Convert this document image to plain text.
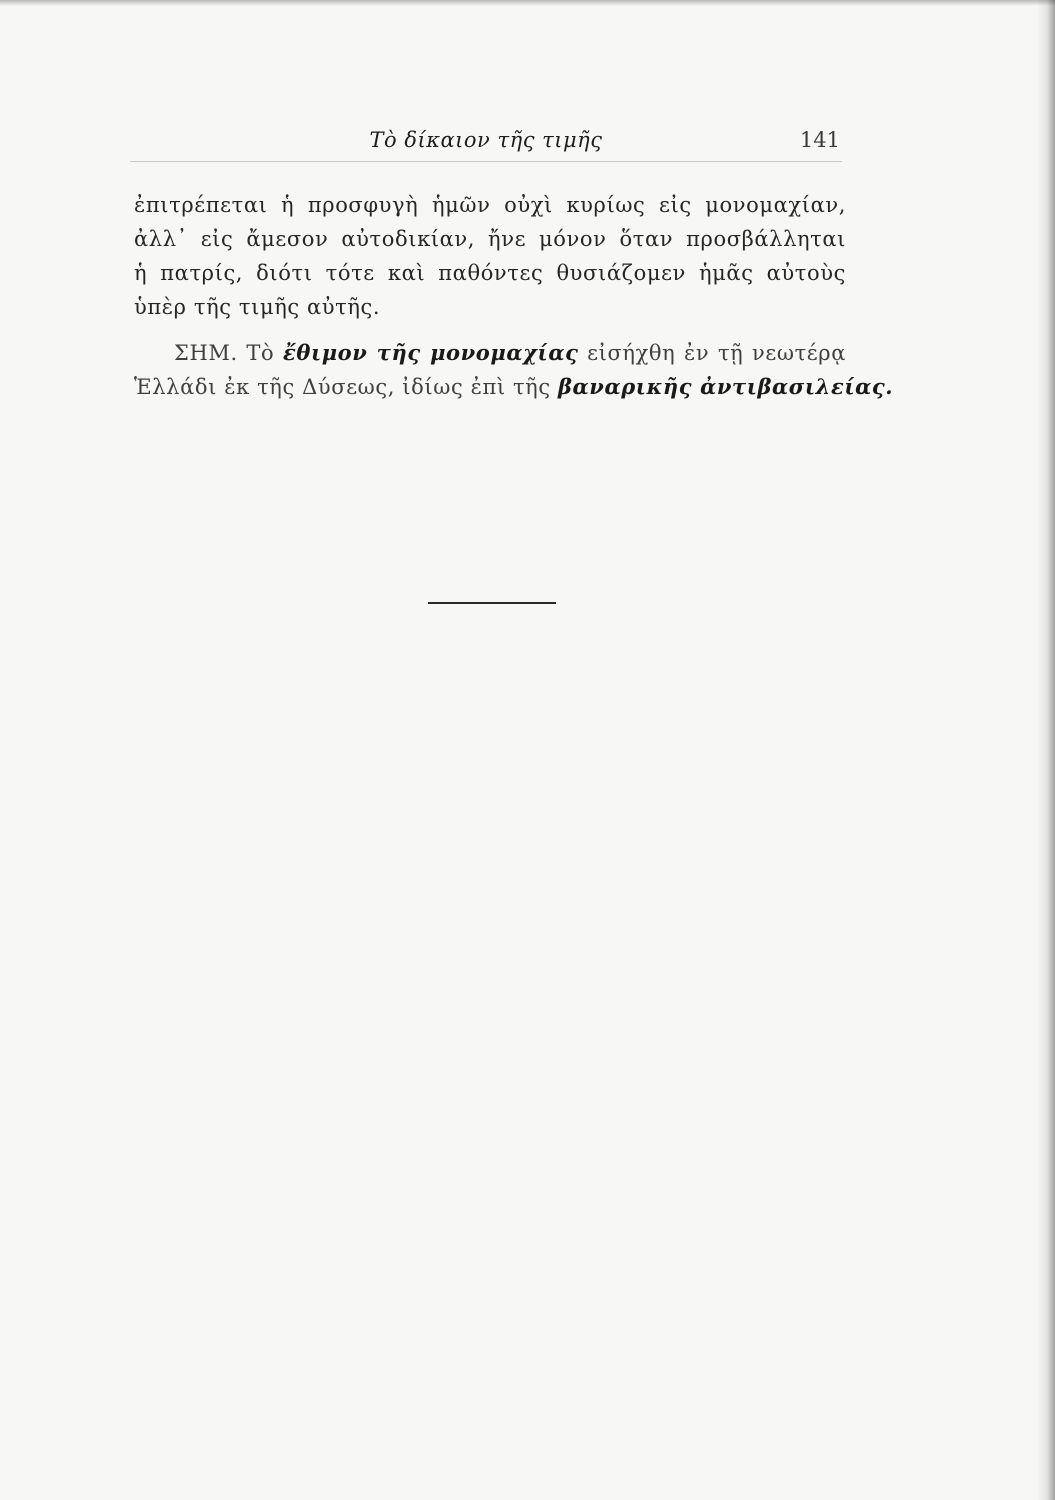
Τὸ δίκαιον τῆς τιμῆς	141
ἐπιτρέπεται ἡ προσφυγὴ ἡμῶν οὐχὶ κυρίως εἰς μονομαχίαν,
ἀλλ᾽ εἰς ἄμεσον αὐτοδικίαν, ἤνε μόνον ὅταν προσβάλληται
ἡ πατρίς, διότι τότε καὶ παθόντες θυσιάζομεν ἡμᾶς αὐτοὺς
ὑπὲρ τῆς τιμῆς αὐτῆς.
ΣΗΜ. Τὸ ἔθιμον τῆς μονομαχίας εἰσήχθη ἐν τῇ νεωτέρᾳ
Ἑλλάδι ἐκ τῆς Δύσεως, ἰδίως ἐπὶ τῆς βαναρικῆς ἀντιβασιλείας.
